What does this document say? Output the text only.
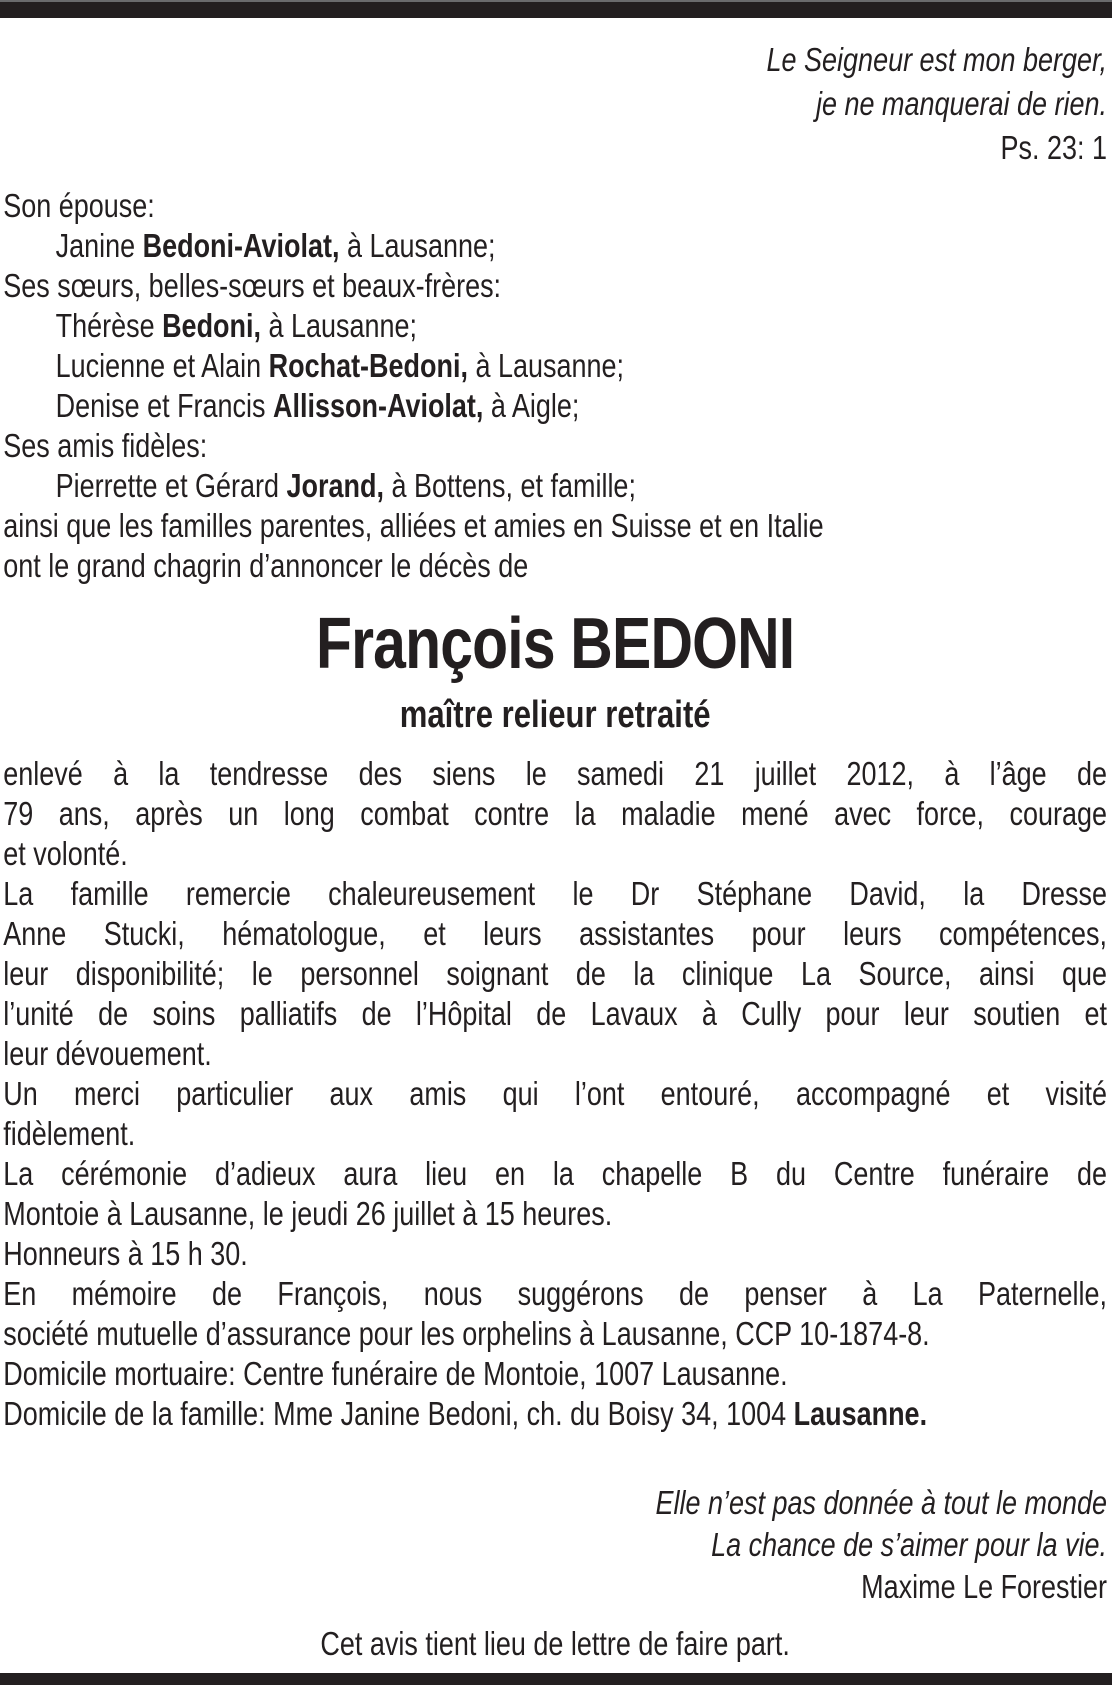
Le Seigneur est mon berger,
je ne manquerai de rien.
Ps. 23: 1
Son épouse:
Janine Bedoni-Aviolat, à Lausanne;
Ses sœurs, belles-sœurs et beaux-frères:
Thérèse Bedoni, à Lausanne;
Lucienne et Alain Rochat-Bedoni, à Lausanne;
Denise et Francis Allisson-Aviolat, à Aigle;
Ses amis fidèles:
Pierrette et Gérard Jorand, à Bottens, et famille;
ainsi que les familles parentes, alliées et amies en Suisse et en Italie
ont le grand chagrin d’annoncer le décès de
François BEDONI
maître relieur retraité
enlevé à la tendresse des siens le samedi 21 juillet 2012, à l’âge de
79 ans, après un long combat contre la maladie mené avec force, courage
et volonté.
La famille remercie chaleureusement le Dr Stéphane David, la Dresse
Anne Stucki, hématologue, et leurs assistantes pour leurs compétences,
leur disponibilité; le personnel soignant de la clinique La Source, ainsi que
l’unité de soins palliatifs de l’Hôpital de Lavaux à Cully pour leur soutien et
leur dévouement.
Un merci particulier aux amis qui l’ont entouré, accompagné et visité
fidèlement.
La cérémonie d’adieux aura lieu en la chapelle B du Centre funéraire de
Montoie à Lausanne, le jeudi 26 juillet à 15 heures.
Honneurs à 15 h 30.
En mémoire de François, nous suggérons de penser à La Paternelle,
société mutuelle d’assurance pour les orphelins à Lausanne, CCP 10-1874-8.
Domicile mortuaire: Centre funéraire de Montoie, 1007 Lausanne.
Domicile de la famille: Mme Janine Bedoni, ch. du Boisy 34, 1004 Lausanne.
Elle n’est pas donnée à tout le monde
La chance de s’aimer pour la vie.
Maxime Le Forestier
Cet avis tient lieu de lettre de faire part.
